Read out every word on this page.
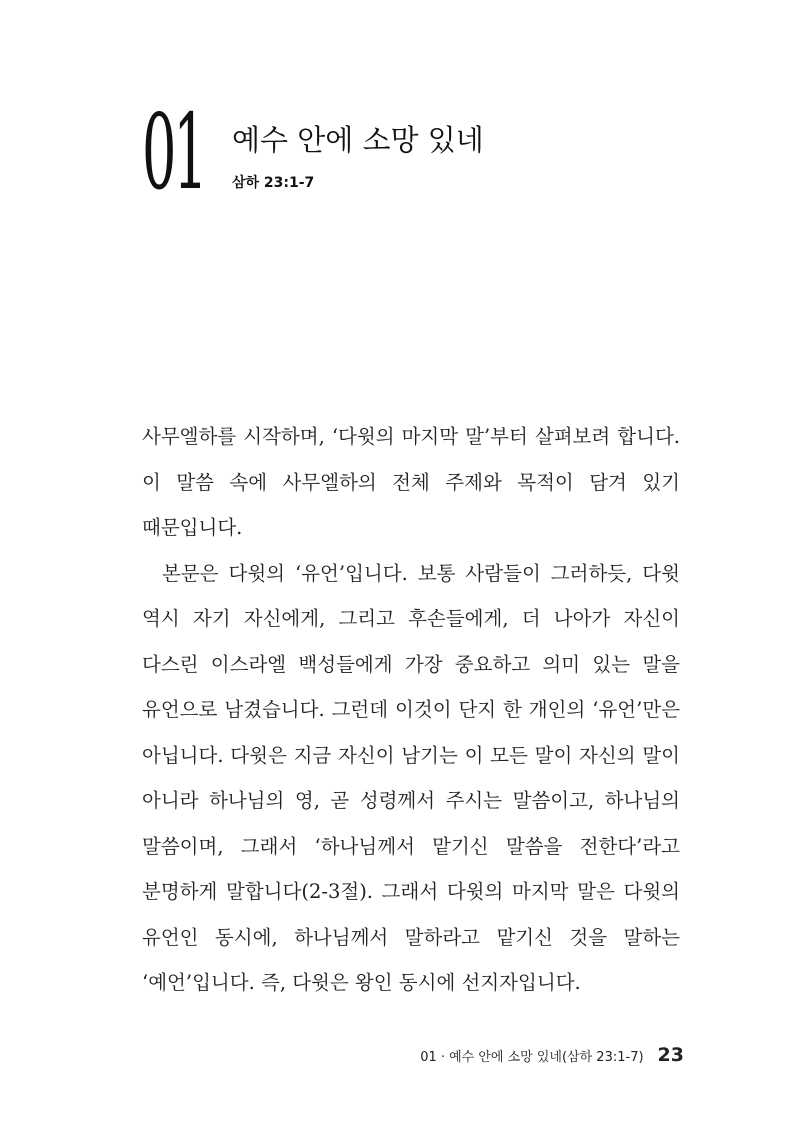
01 예수 안에 소망 있네
삼하 23:1-7

사무엘하를 시작하며, ‘다윗의 마지막 말’부터 살펴보려 합니다. 이 말씀 속에 사무엘하의 전체 주제와 목적이 담겨 있기 때문입니다.

본문은 다윗의 ‘유언’입니다. 보통 사람들이 그러하듯, 다윗 역시 자기 자신에게, 그리고 후손들에게, 더 나아가 자신이 다스린 이스라엘 백성들에게 가장 중요하고 의미 있는 말을 유언으로 남겼습니다. 그런데 이것이 단지 한 개인의 ‘유언’만은 아닙니다. 다윗은 지금 자신이 남기는 이 모든 말이 자신의 말이 아니라 하나님의 영, 곧 성령께서 주시는 말씀이고, 하나님의 말씀이며, 그래서 ‘하나님께서 맡기신 말씀을 전한다’라고 분명하게 말합니다(2-3절). 그래서 다윗의 마지막 말은 다윗의 유언인 동시에, 하나님께서 말하라고 맡기신 것을 말하는 ‘예언’입니다. 즉, 다윗은 왕인 동시에 선지자입니다.

01 · 예수 안에 소망 있네(삼하 23:1-7) 23
